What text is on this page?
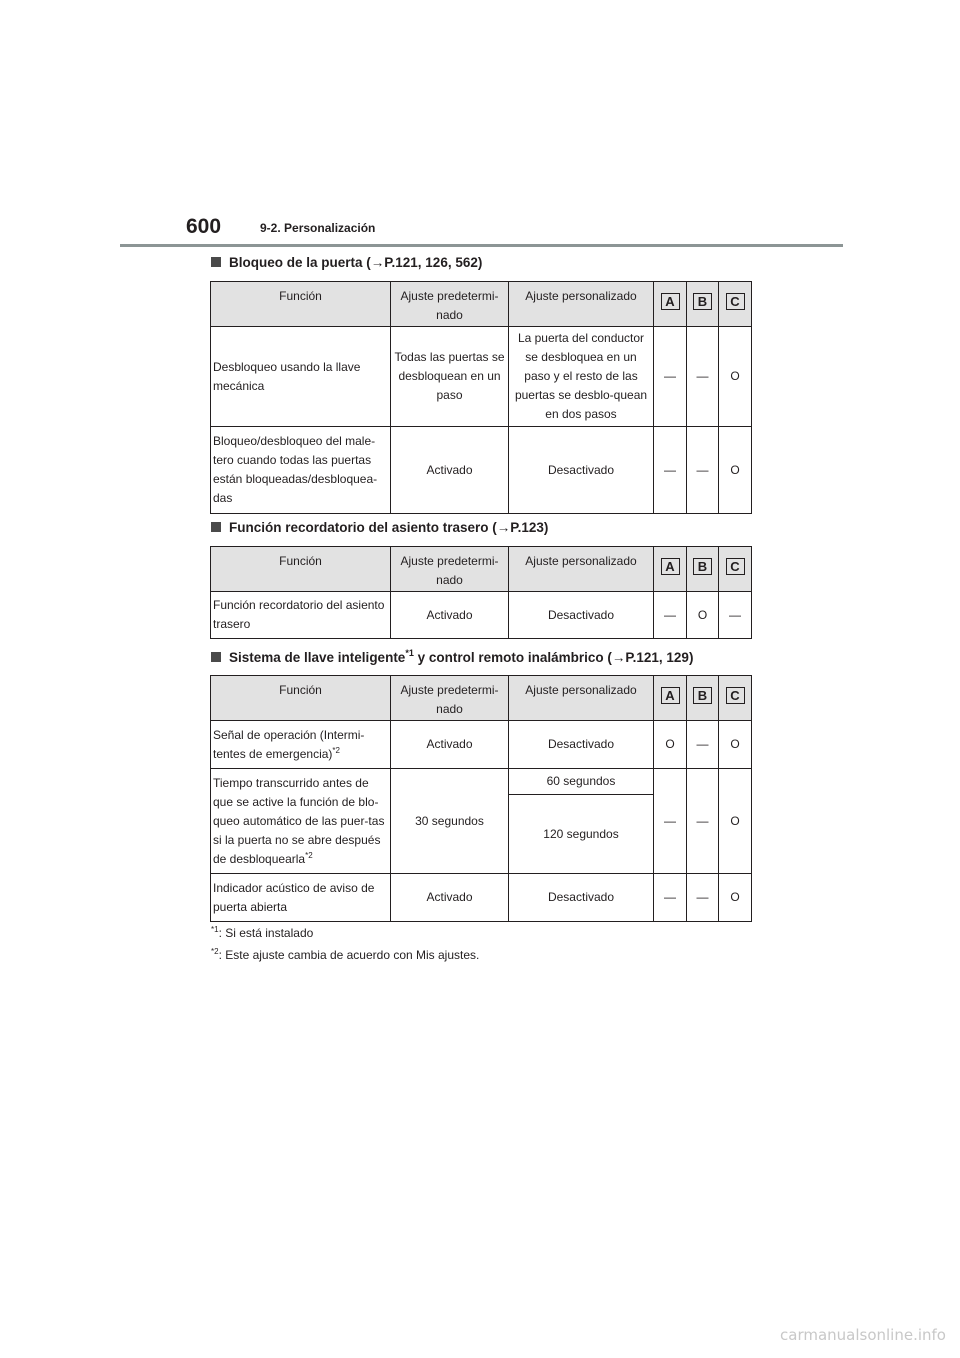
600	9-2. Personalización
Bloqueo de la puerta (→P.121, 126, 562)
Función	Ajuste predetermi-nado	Ajuste personalizado	A	B	C
Desbloqueo usando la llave mecánica	Todas las puertas se desbloquean en un paso	La puerta del conductor se desbloquea en un paso y el resto de las puertas se desblo-quean en dos pasos	—	—	O
Bloqueo/desbloqueo del male-tero cuando todas las puertas están bloqueadas/desbloquea-das	Activado	Desactivado	—	—	O
Función recordatorio del asiento trasero (→P.123)
Función	Ajuste predetermi-nado	Ajuste personalizado	A	B	C
Función recordatorio del asiento trasero	Activado	Desactivado	—	O	—
Sistema de llave inteligente$^{*1}$ y control remoto inalámbrico (→P.121, 129)
Función	Ajuste predetermi-nado	Ajuste personalizado	A	B	C
Señal de operación (Intermi-tentes de emergencia)$^{*2}$	Activado	Desactivado	O	—	O
Tiempo transcurrido antes de que se active la función de blo-queo automático de las puer-tas si la puerta no se abre después de desbloquearla$^{*2}$	30 segundos	60 segundos	—	—	O
		120 segundos			
Indicador acústico de aviso de puerta abierta	Activado	Desactivado	—	—	O
$^{*1}$: Si está instalado
$^{*2}$: Este ajuste cambia de acuerdo con Mis ajustes.
carmanualsonline.info
